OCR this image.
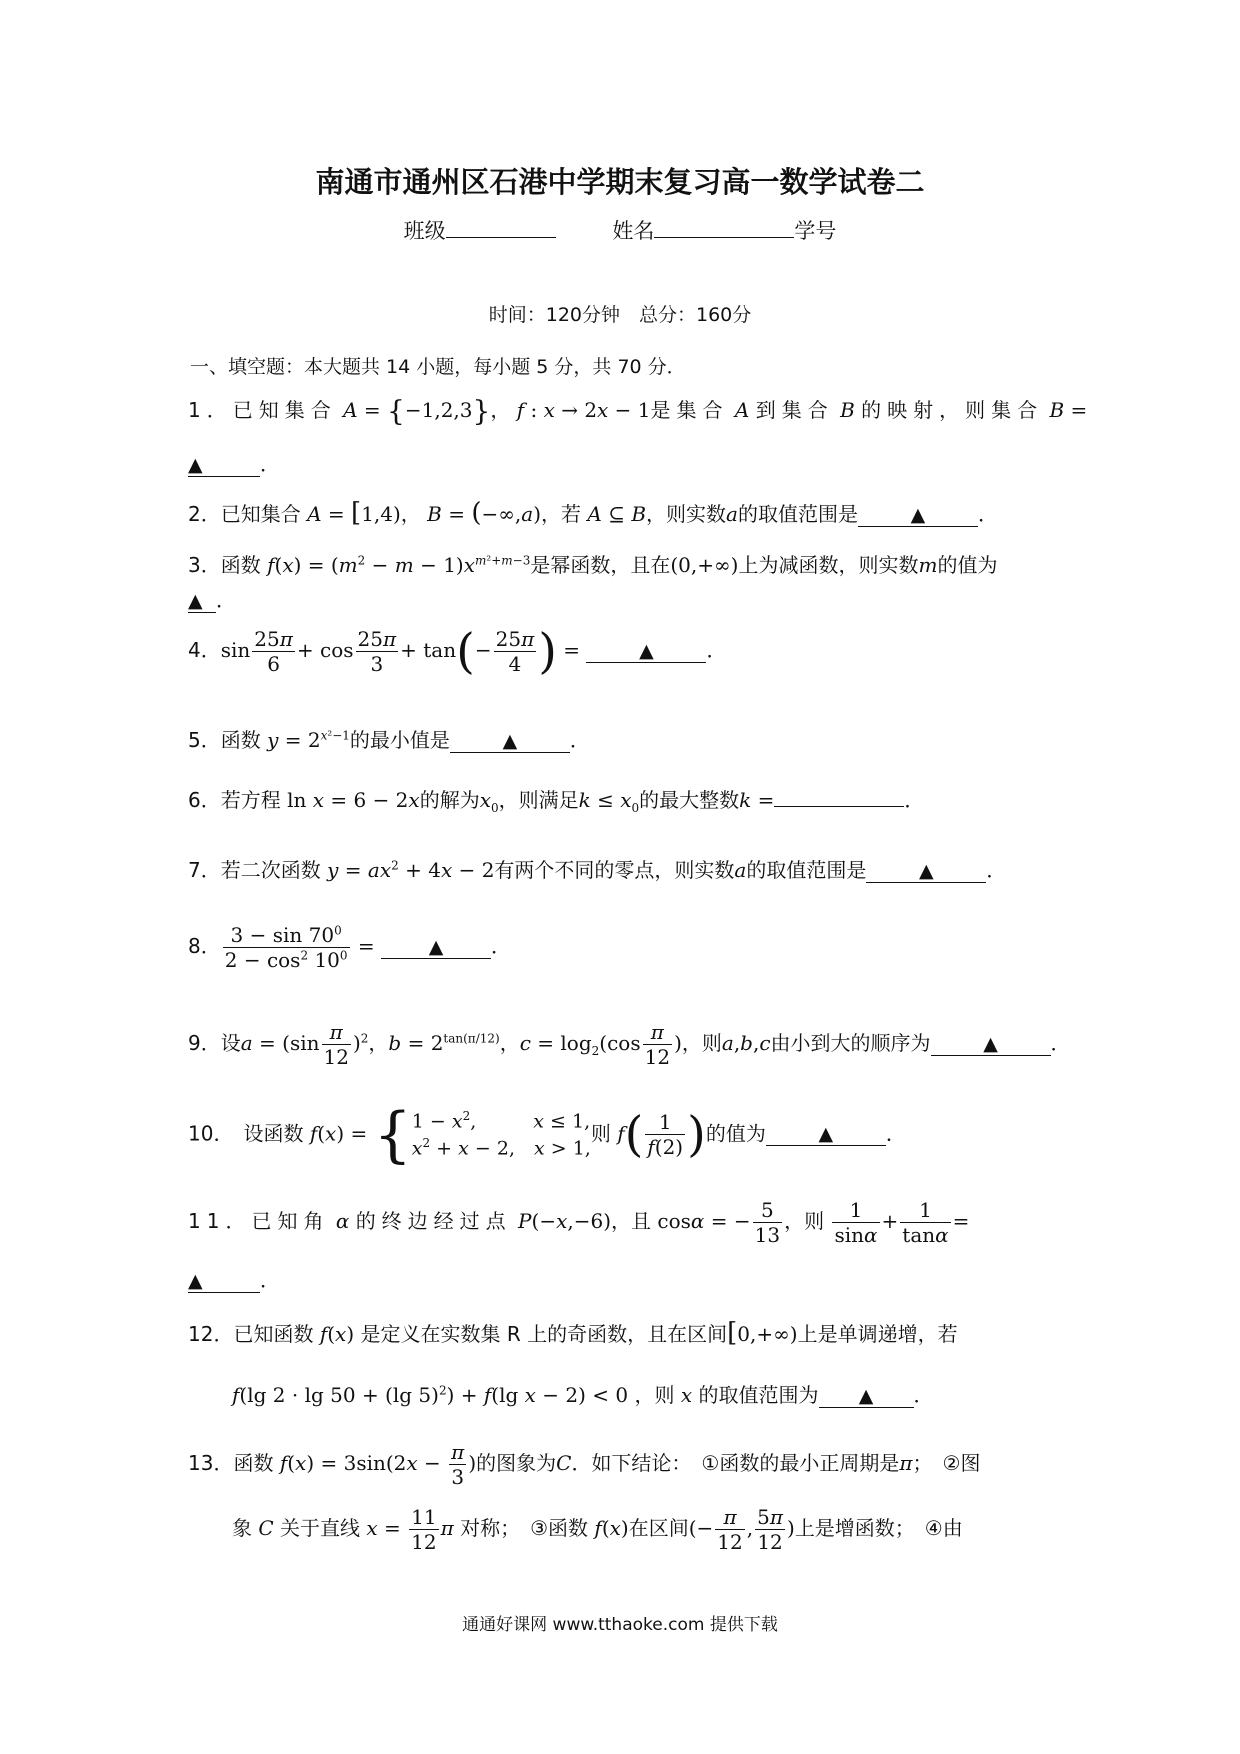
南通市通州区石港中学期末复习高一数学试卷二
班级	姓名	学号
时间：120分钟　总分：160分
一、填空题：本大题共 14 小题，每小题 5 分，共 70 分．
1．已知集合 A = {−1,2,3}， f : x → 2x − 1是集合 A 到集合 B 的映射，则集合 B =
▲	．
2．已知集合 A = [1,4)， B = (−∞,a)，若 A ⊆ B，则实数a的取值范围是	▲	．
3．函数 $f(x) = (m^2 - m - 1)x^{m^2+m-3}$是幂函数，且在(0,+∞)上为减函数，则实数m的值为
▲ ．
4．$\sin \frac{25\pi}{6} + \cos \frac{25\pi}{3} + \tan(- \frac{25\pi}{4}$ ) =	▲	．
5．函数 $y = 2^{x^2-1}$的最小值是	▲	．
6．若方程 ln x = 6 − 2x的解为$x_0$，则满足$k \le x_0$的最大整数k =	．
7．若二次函数 $y = ax^2 + 4x - 2$有两个不同的零点，则实数a的取值范围是	▲	．
8． $\frac{3 - \sin 70^0}{2 - \cos^2 10^0}$ =	▲ ．
9．设$a = (\sin \frac{\pi}{12} )^2$，$b = 2^{tan(\pi/12)}$，$c = \log_2(\cos \frac{\pi}{12}$ )，则a,b,c由小到大的顺序为	▲	．
10．　设函数 f(x) = { $1 - x^2$,　　　x ≤ 1,
$x^2 + x - 2$,　x > 1,
则 $f( \frac{1}{f(2)}$ )的值为	▲	．
11．已知角 α 的终边经过点 P(−x,−6)，且 cosα = − $\frac{5}{13}$ ，则 $\frac{1}{\sin\alpha} + \frac{1}{\tan\alpha}$ =
▲	．
12．已知函数 f(x) 是定义在实数集 R 上的奇函数，且在区间[0,+∞)上是单调递增，若
f(lg 2 · lg 50 + (lg 5)$^2$) + f(lg x − 2) < 0 ，则 x 的取值范围为 ▲ ．
13．函数 $f(x) = 3\sin(2x - \frac{\pi}{3}$ )的图象为C．如下结论：　①函数的最小正周期是π；　②图
象 C 关于直线 $x = \frac{11}{12}$ π 对称；　③函数 f(x)在区间(− $\frac{\pi}{12}$ , $\frac{5\pi}{12}$ )上是增函数；　④由
通通好课网 www.tthaoke.com 提供下载
